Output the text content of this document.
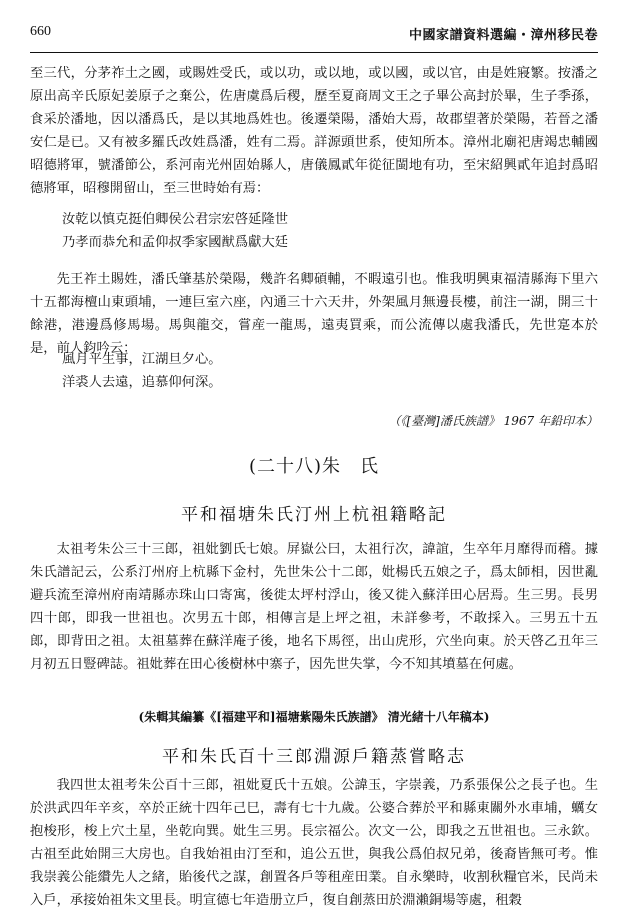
660	中國家譜資料選編・漳州移民卷

至三代，分茅祚土之國，或賜姓受氏，或以功，或以地，或以國，或以官，由是姓寢繁。按潘之原出高辛氏原妃姜原子之棄公，佐唐虞爲后稷，歷至夏商周文王之子畢公高封於畢，生子季孫，食采於潘地，因以潘爲氏，是以其地爲姓也。後遷榮陽，潘始大焉，故郡望著於榮陽，若晉之潘安仁是已。又有被多羅氏改姓爲潘，姓有二焉。詳源頭世系，使知所本。漳州北廟祀唐竭忠輔國昭德將軍，號潘節公，系河南光州固始縣人，唐儀鳳貳年從征閩地有功，至宋紹興貳年追封爲昭德將軍，昭穆開留山，至三世時始有焉：

汝乾以慎克挺伯卿侯公君宗宏啓延隆世

乃孝而恭允和孟仰叔季家國猷爲獻大廷

先王祚土賜姓，潘氏肇基於榮陽，幾許名卿碩輔，不暇遠引也。惟我明興東福清縣海下里六十五都海檀山東頭埔，一連巨室六座，內通三十六天井，外架風月無邊長樓，前注一湖，開三十餘港，港邊爲修馬場。馬與龍交，嘗産一龍馬，遠夷買乘，而公流傳以處我潘氏，先世寔本於是，前人鈞吟云：

風月平生事，江湖旦夕心。

洋裘人去遠，追慕仰何深。

（《[臺灣]潘氏族譜》 1967 年鉛印本）
(二十八)朱　氏
平和福塘朱氏汀州上杭祖籍略記

太祖考朱公三十三郎，祖妣劉氏七娘。屏嶽公曰，太祖行次，諱誼，生卒年月靡得而稽。據朱氏譜記云，公系汀州府上杭縣下金村，先世朱公十二郎，妣楊氏五娘之子，爲太師相，因世亂避兵流至漳州府南靖縣赤珠山口寄寓，後徙太坪村浮山，後又徙入蘇洋田心居焉。生三男。長男四十郎，即我一世祖也。次男五十郎，相傳言是上坪之祖，未詳參考，不敢採入。三男五十五郎，即背田之祖。太祖墓葬在蘇洋庵子後，地名下馬徑，出山虎形，穴坐向東。於天啓乙丑年三月初五日豎碑誌。祖妣葬在田心後樹林中寨子，因先世失掌，今不知其墳墓在何處。

(朱輯其編纂《[福建平和]福塘紫陽朱氏族譜》 清光緒十八年稿本)
平和朱氏百十三郎淵源戶籍蒸嘗略志

我四世太祖考朱公百十三郎，祖妣夏氏十五娘。公諱玉，字崇義，乃系張保公之長子也。生於洪武四年辛亥，卒於正統十四年己巳，壽有七十九歲。公婆合葬於平和縣東關外水車埔，蠣女抱梭形，梭上穴土星，坐乾向巽。妣生三男。長宗福公。次文一公，即我之五世祖也。三永欽。古祖至此始開三大房也。自我始祖由汀至和，追公五世，與我公爲伯叔兄弟，後裔皆無可考。惟我崇義公能纘先人之緒，貽後代之謀，創置各戶等租産田業。自永樂時，收割秋糧官米，民尚未入戶，承接始祖朱文里長。明宣德七年造册立戶，復自創蒸田於淵瀨銅場等處，租穀
